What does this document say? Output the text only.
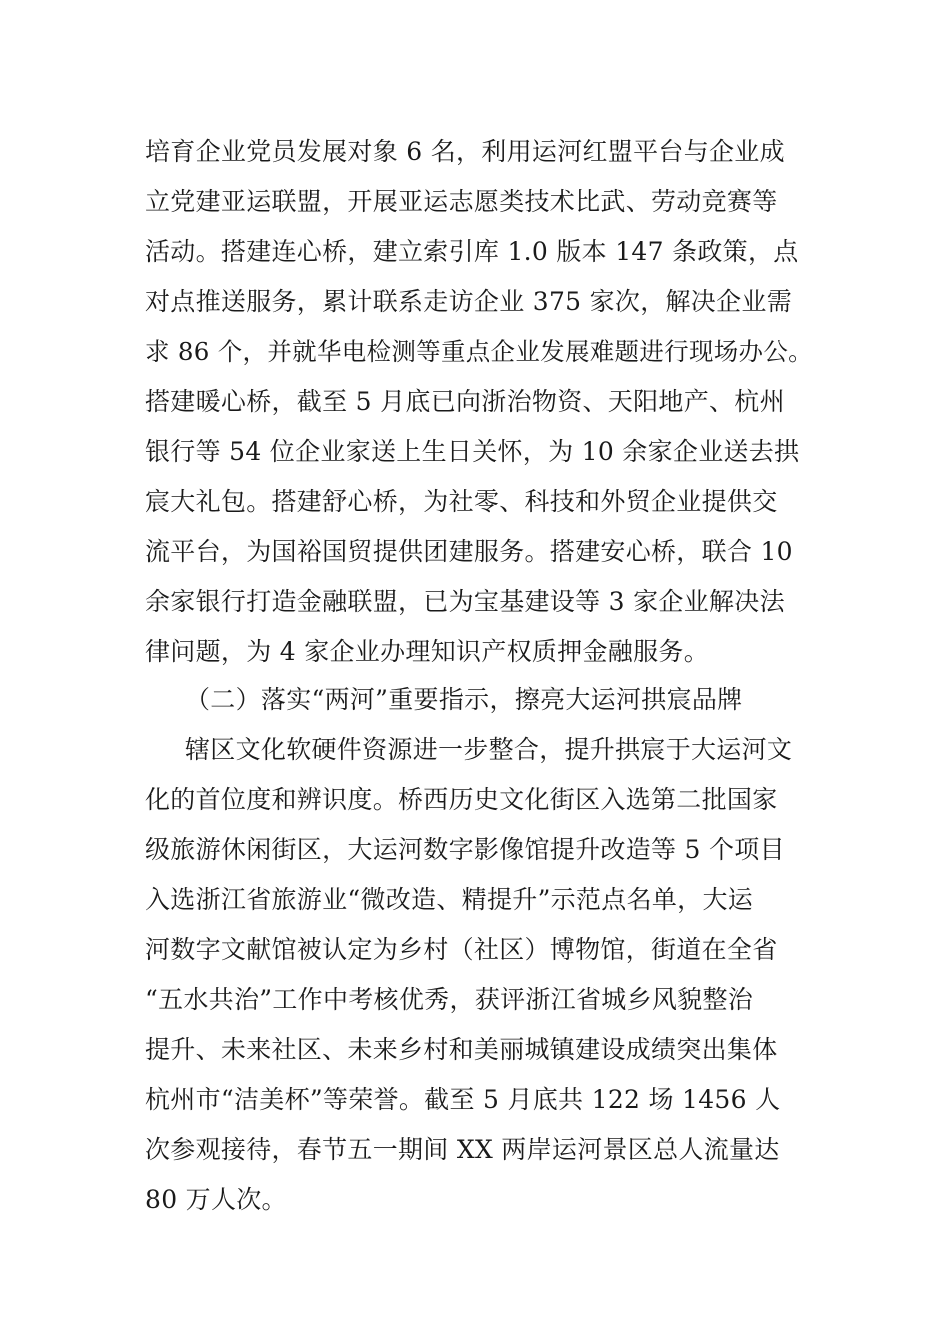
培育企业党员发展对象 6 名，利用运河红盟平台与企业成
立党建亚运联盟，开展亚运志愿类技术比武、劳动竞赛等
活动。搭建连心桥，建立索引库 1.0 版本 147 条政策，点
对点推送服务，累计联系走访企业 375 家次，解决企业需
求 86 个，并就华电检测等重点企业发展难题进行现场办公。
搭建暖心桥，截至 5 月底已向浙治物资、天阳地产、杭州
银行等 54 位企业家送上生日关怀，为 10 余家企业送去拱
宸大礼包。搭建舒心桥，为社零、科技和外贸企业提供交
流平台，为国裕国贸提供团建服务。搭建安心桥，联合 10
余家银行打造金融联盟，已为宝基建设等 3 家企业解决法
律问题，为 4 家企业办理知识产权质押金融服务。
（二）落实“两河”重要指示，擦亮大运河拱宸品牌
辖区文化软硬件资源进一步整合，提升拱宸于大运河文
化的首位度和辨识度。桥西历史文化街区入选第二批国家
级旅游休闲街区，大运河数字影像馆提升改造等 5 个项目
入选浙江省旅游业“微改造、精提升”示范点名单，大运
河数字文献馆被认定为乡村（社区）博物馆，街道在全省
“五水共治”工作中考核优秀，获评浙江省城乡风貌整治
提升、未来社区、未来乡村和美丽城镇建设成绩突出集体
杭州市“洁美杯”等荣誉。截至 5 月底共 122 场 1456 人
次参观接待，春节五一期间 XX 两岸运河景区总人流量达
80 万人次。
